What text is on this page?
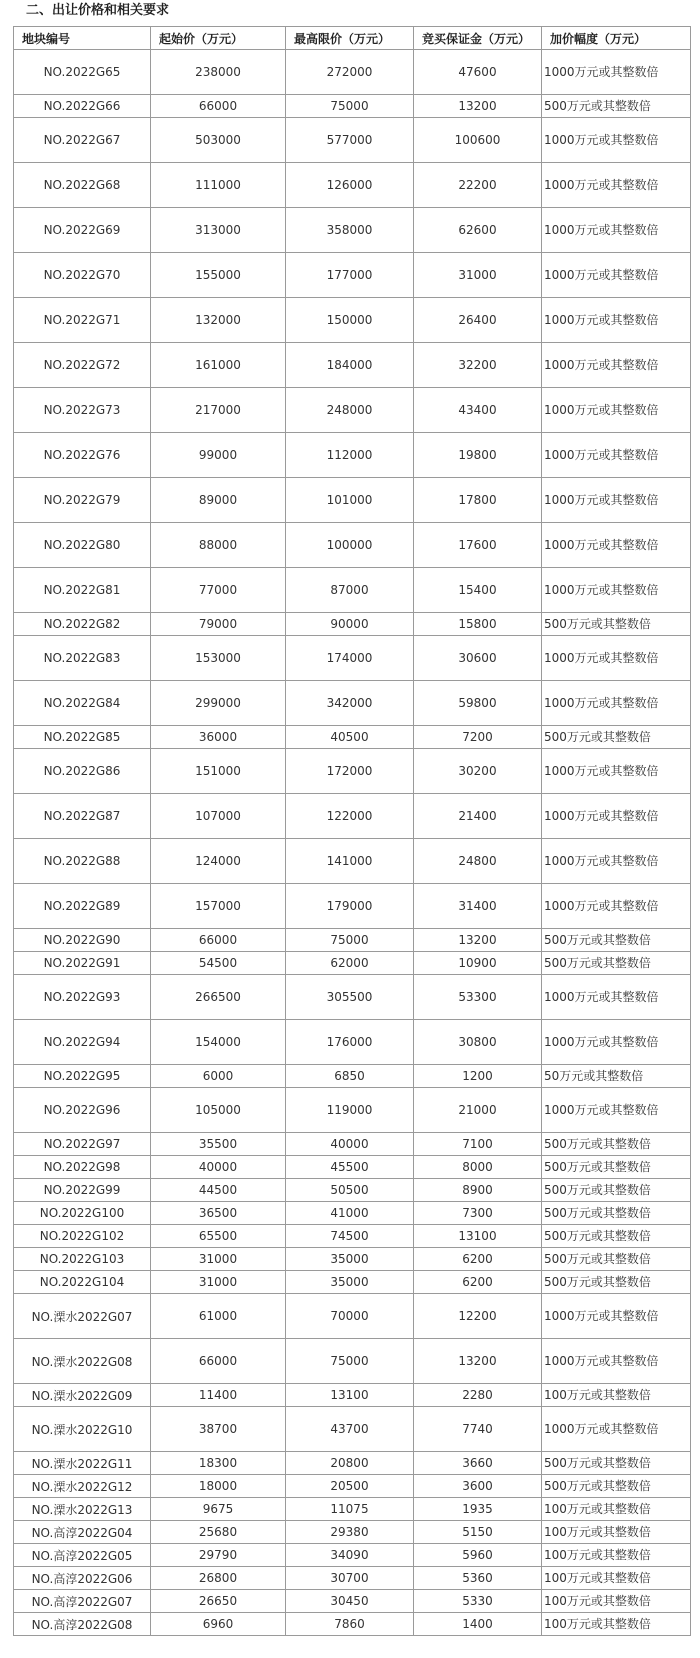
二、出让价格和相关要求
地块编号	起始价（万元）	最高限价（万元）	竞买保证金（万元）	加价幅度（万元）
NO.2022G65	238000	272000	47600	1000万元或其整数倍
NO.2022G66	66000	75000	13200	500万元或其整数倍
NO.2022G67	503000	577000	100600	1000万元或其整数倍
NO.2022G68	111000	126000	22200	1000万元或其整数倍
NO.2022G69	313000	358000	62600	1000万元或其整数倍
NO.2022G70	155000	177000	31000	1000万元或其整数倍
NO.2022G71	132000	150000	26400	1000万元或其整数倍
NO.2022G72	161000	184000	32200	1000万元或其整数倍
NO.2022G73	217000	248000	43400	1000万元或其整数倍
NO.2022G76	99000	112000	19800	1000万元或其整数倍
NO.2022G79	89000	101000	17800	1000万元或其整数倍
NO.2022G80	88000	100000	17600	1000万元或其整数倍
NO.2022G81	77000	87000	15400	1000万元或其整数倍
NO.2022G82	79000	90000	15800	500万元或其整数倍
NO.2022G83	153000	174000	30600	1000万元或其整数倍
NO.2022G84	299000	342000	59800	1000万元或其整数倍
NO.2022G85	36000	40500	7200	500万元或其整数倍
NO.2022G86	151000	172000	30200	1000万元或其整数倍
NO.2022G87	107000	122000	21400	1000万元或其整数倍
NO.2022G88	124000	141000	24800	1000万元或其整数倍
NO.2022G89	157000	179000	31400	1000万元或其整数倍
NO.2022G90	66000	75000	13200	500万元或其整数倍
NO.2022G91	54500	62000	10900	500万元或其整数倍
NO.2022G93	266500	305500	53300	1000万元或其整数倍
NO.2022G94	154000	176000	30800	1000万元或其整数倍
NO.2022G95	6000	6850	1200	50万元或其整数倍
NO.2022G96	105000	119000	21000	1000万元或其整数倍
NO.2022G97	35500	40000	7100	500万元或其整数倍
NO.2022G98	40000	45500	8000	500万元或其整数倍
NO.2022G99	44500	50500	8900	500万元或其整数倍
NO.2022G100	36500	41000	7300	500万元或其整数倍
NO.2022G102	65500	74500	13100	500万元或其整数倍
NO.2022G103	31000	35000	6200	500万元或其整数倍
NO.2022G104	31000	35000	6200	500万元或其整数倍
NO.溧水2022G07	61000	70000	12200	1000万元或其整数倍
NO.溧水2022G08	66000	75000	13200	1000万元或其整数倍
NO.溧水2022G09	11400	13100	2280	100万元或其整数倍
NO.溧水2022G10	38700	43700	7740	1000万元或其整数倍
NO.溧水2022G11	18300	20800	3660	500万元或其整数倍
NO.溧水2022G12	18000	20500	3600	500万元或其整数倍
NO.溧水2022G13	9675	11075	1935	100万元或其整数倍
NO.高淳2022G04	25680	29380	5150	100万元或其整数倍
NO.高淳2022G05	29790	34090	5960	100万元或其整数倍
NO.高淳2022G06	26800	30700	5360	100万元或其整数倍
NO.高淳2022G07	26650	30450	5330	100万元或其整数倍
NO.高淳2022G08	6960	7860	1400	100万元或其整数倍
